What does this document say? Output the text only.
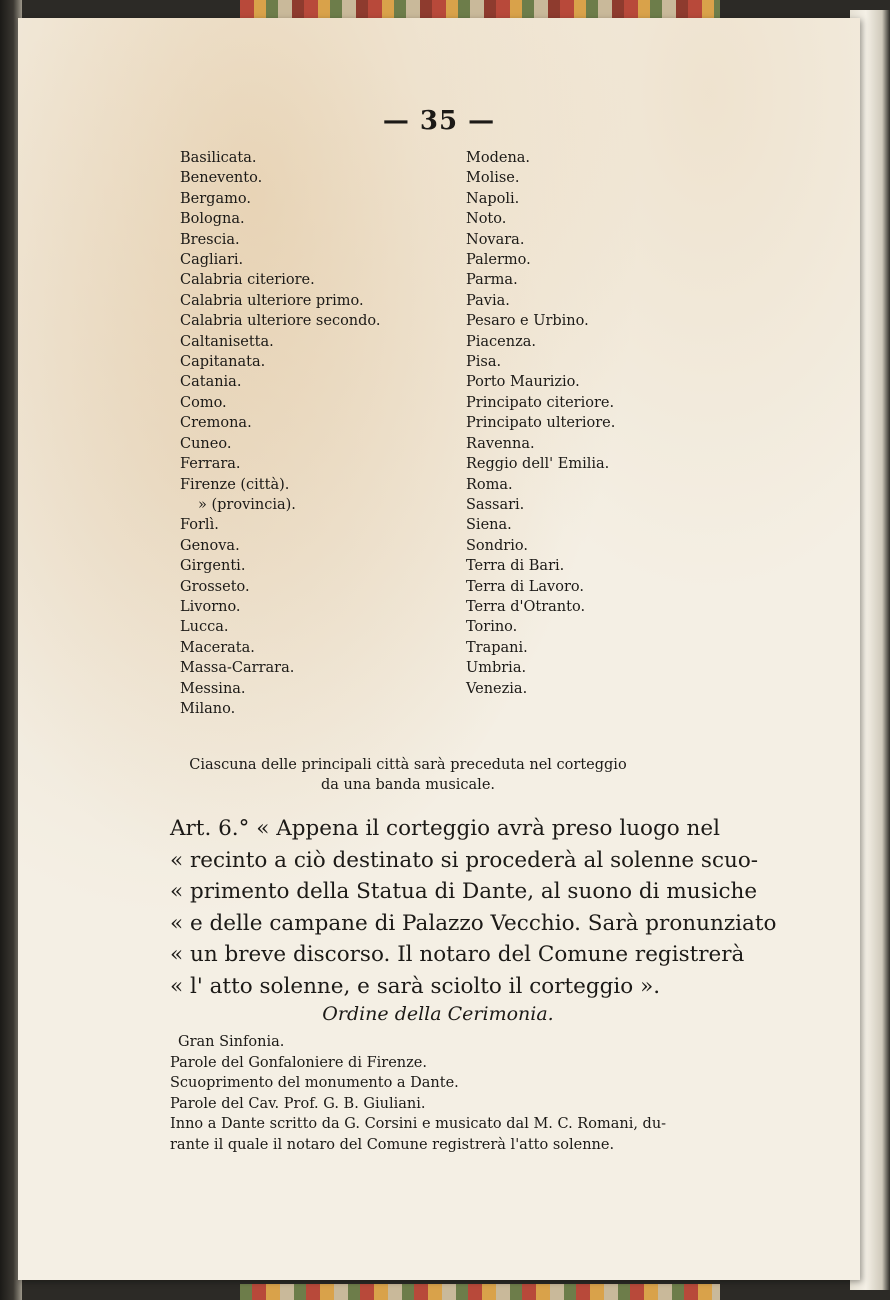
— 35 —
Basilicata.
Benevento.
Bergamo.
Bologna.
Brescia.
Cagliari.
Calabria citeriore.
Calabria ulteriore primo.
Calabria ulteriore secondo.
Caltanisetta.
Capitanata.
Catania.
Como.
Cremona.
Cuneo.
Ferrara.
Firenze (città).
» (provincia).
Forlì.
Genova.
Girgenti.
Grosseto.
Livorno.
Lucca.
Macerata.
Massa-Carrara.
Messina.
Milano.
Modena.
Molise.
Napoli.
Noto.
Novara.
Palermo.
Parma.
Pavia.
Pesaro e Urbino.
Piacenza.
Pisa.
Porto Maurizio.
Principato citeriore.
Principato ulteriore.
Ravenna.
Reggio dell' Emilia.
Roma.
Sassari.
Siena.
Sondrio.
Terra di Bari.
Terra di Lavoro.
Terra d'Otranto.
Torino.
Trapani.
Umbria.
Venezia.
Ciascuna delle principali città sarà preceduta nel corteggio
da una banda musicale.
Art. 6.° « Appena il corteggio avrà preso luogo nel
« recinto a ciò destinato si procederà al solenne scuo-
« primento della Statua di Dante, al suono di musiche
« e delle campane di Palazzo Vecchio. Sarà pronunziato
« un breve discorso. Il notaro del Comune registrerà
« l' atto solenne, e sarà sciolto il corteggio ».
Ordine della Cerimonia.
Gran Sinfonia.
Parole del Gonfaloniere di Firenze.
Scuoprimento del monumento a Dante.
Parole del Cav. Prof. G. B. Giuliani.
Inno a Dante scritto da G. Corsini e musicato dal M. C. Romani, du-
rante il quale il notaro del Comune registrerà l'atto solenne.
